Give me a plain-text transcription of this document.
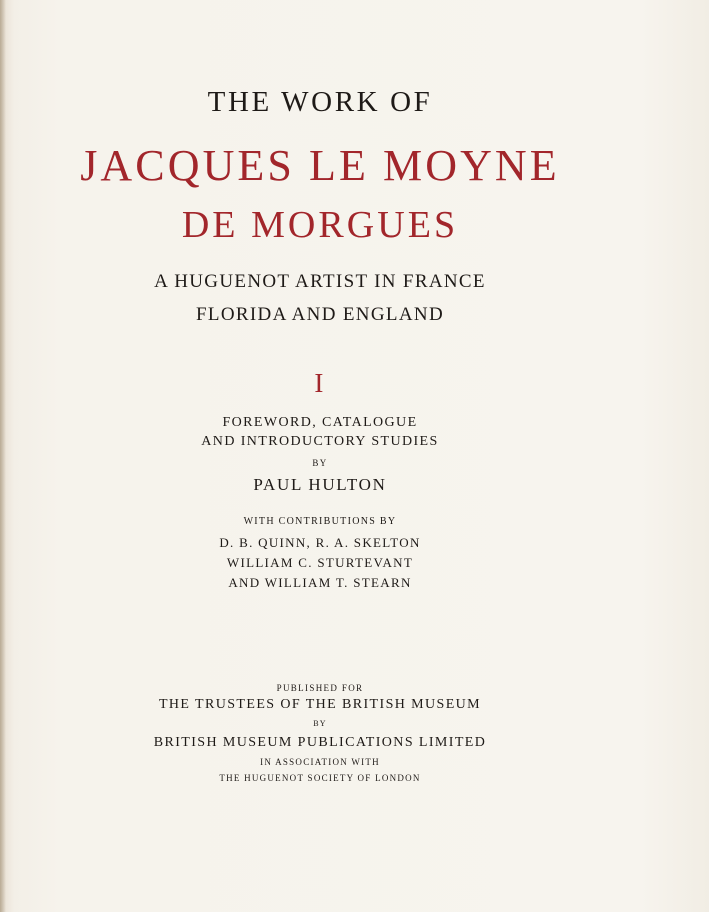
THE WORK OF
JACQUES LE MOYNE
DE MORGUES
A HUGUENOT ARTIST IN FRANCE
FLORIDA AND ENGLAND
I
FOREWORD, CATALOGUE
AND INTRODUCTORY STUDIES
BY
PAUL HULTON
WITH CONTRIBUTIONS BY
D. B. QUINN, R. A. SKELTON
WILLIAM C. STURTEVANT
AND WILLIAM T. STEARN
PUBLISHED FOR
THE TRUSTEES OF THE BRITISH MUSEUM
BY
BRITISH MUSEUM PUBLICATIONS LIMITED
IN ASSOCIATION WITH
THE HUGUENOT SOCIETY OF LONDON
